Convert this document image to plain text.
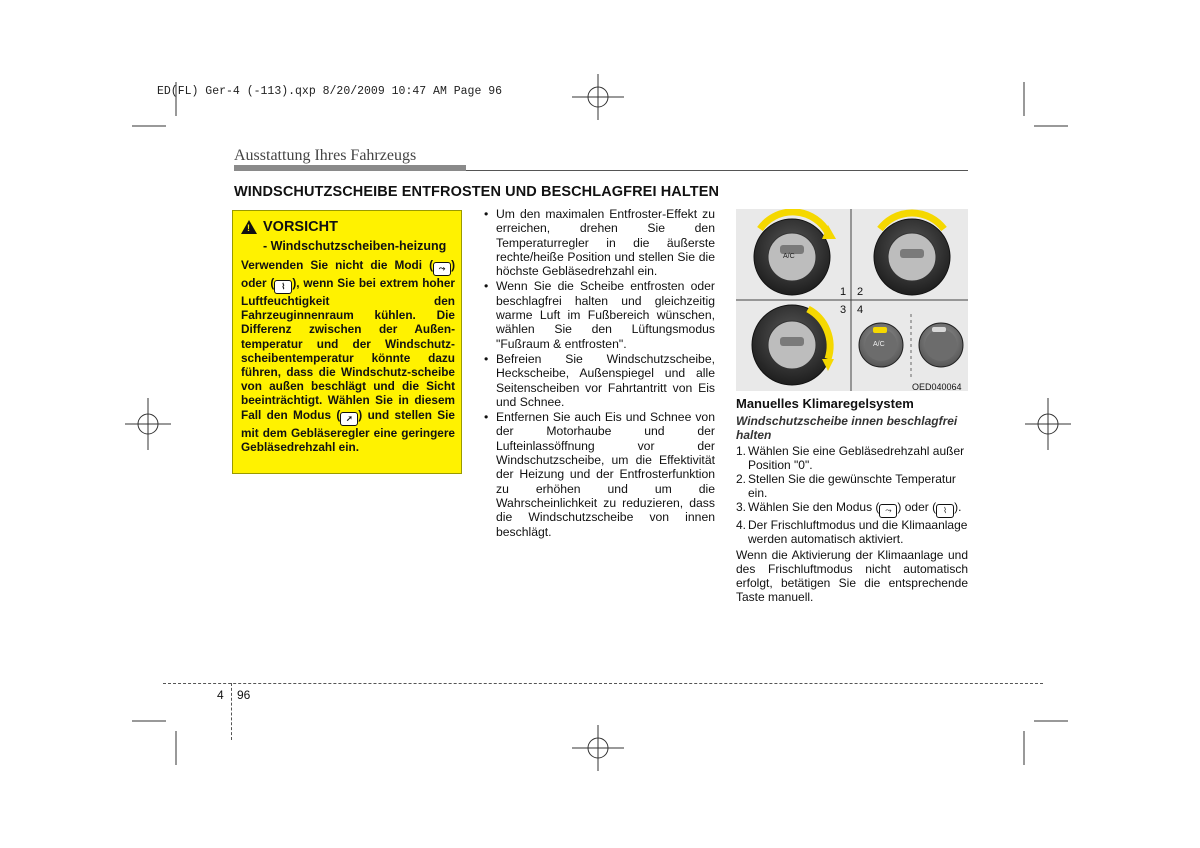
ED(FL) Ger-4 (-113).qxp 8/20/2009 10:47 AM Page 96
Ausstattung Ihres Fahrzeugs
WINDSCHUTZSCHEIBE ENTFROSTEN UND BESCHLAGFREI HALTEN
! VORSICHT
- Windschutzscheiben-heizung
Verwenden Sie nicht die Modi ( ⤳ ) oder ( ⌇ ), wenn Sie bei extrem hoher Luftfeuchtigkeit den Fahrzeuginnenraum kühlen. Die Differenz zwischen der Außen-temperatur und der Windschutz-scheibentemperatur könnte dazu führen, dass die Windschutz-scheibe von außen beschlägt und die Sicht beeinträchtigt. Wählen Sie in diesem Fall den Modus ( ➚ ) und stellen Sie mit dem Gebläseregler eine geringere Gebläsedrehzahl ein.
• Um den maximalen Entfroster-Effekt zu erreichen, drehen Sie den Temperaturregler in die äußerste rechte/heiße Position und stellen Sie die höchste Gebläsedrehzahl ein.
• Wenn Sie die Scheibe entfrosten oder beschlagfrei halten und gleichzeitig warme Luft im Fußbereich wünschen, wählen Sie den Lüftungsmodus "Fußraum & entfrosten".
• Befreien Sie Windschutzscheibe, Heckscheibe, Außenspiegel und alle Seitenscheiben vor Fahrtantritt von Eis und Schnee.
• Entfernen Sie auch Eis und Schnee von der Motorhaube und der Lufteinlassöffnung vor der Windschutzscheibe, um die Effektivität der Heizung und der Entfrosterfunktion zu erhöhen und um die Wahrscheinlichkeit zu reduzieren, dass die Windschutzscheibe von innen beschlägt.
1 2
3 4
A/C
A/C
OED040064
Manuelles Klimaregelsystem
Windschutzscheibe innen beschlagfrei halten
1. Wählen Sie eine Gebläsedrehzahl außer Position "0".
2. Stellen Sie die gewünschte Temperatur ein.
3. Wählen Sie den Modus ( ⤳ ) oder ( ⌇ ).
4. Der Frischluftmodus und die Klimaanlage werden automatisch aktiviert.
Wenn die Aktivierung der Klimaanlage und des Frischluftmodus nicht automatisch erfolgt, betätigen Sie die entsprechende Taste manuell.
4 96
